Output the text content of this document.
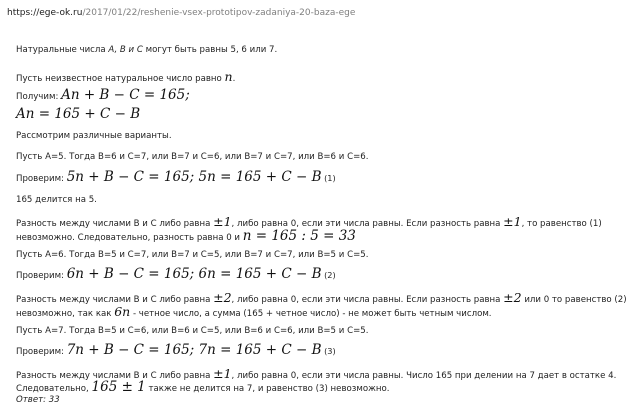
https://ege-ok.ru/2017/01/22/reshenie-vsex-prototipov-zadaniya-20-baza-ege
Натуральные числа A, B и C могут быть равны 5, 6 или 7.
Пусть неизвестное натуральное число равно n.
Получим: An + B − C = 165;
An = 165 + C − B
Рассмотрим различные варианты.
Пусть A=5. Тогда B=6 и C=7, или B=7 и C=6, или B=7 и C=7, или B=6 и C=6.
Проверим: 5n + B − C = 165; 5n = 165 + C − B (1)
165 делится на 5.
Разность между числами B и C либо равна ±1, либо равна 0, если эти числа равны. Если разность равна ±1, то равенство (1)
невозможно. Следовательно, разность равна 0 и n = 165 : 5 = 33
Пусть A=6. Тогда B=5 и C=7, или B=7 и C=5, или B=7 и C=7, или B=5 и C=5.
Проверим: 6n + B − C = 165; 6n = 165 + C − B (2)
Разность между числами B и C либо равна ±2, либо равна 0, если эти числа равны. Если разность равна ±2 или 0 то равенство (2)
невозможно, так как 6n - четное число, а сумма (165 + четное число) - не может быть четным числом.
Пусть A=7. Тогда B=5 и C=6, или B=6 и C=5, или B=6 и C=6, или B=5 и C=5.
Проверим: 7n + B − C = 165; 7n = 165 + C − B (3)
Разность между числами B и C либо равна ±1, либо равна 0, если эти числа равны. Число 165 при делении на 7 дает в остатке 4.
Следовательно, 165 ± 1 также не делится на 7, и равенство (3) невозможно.
Ответ: 33
